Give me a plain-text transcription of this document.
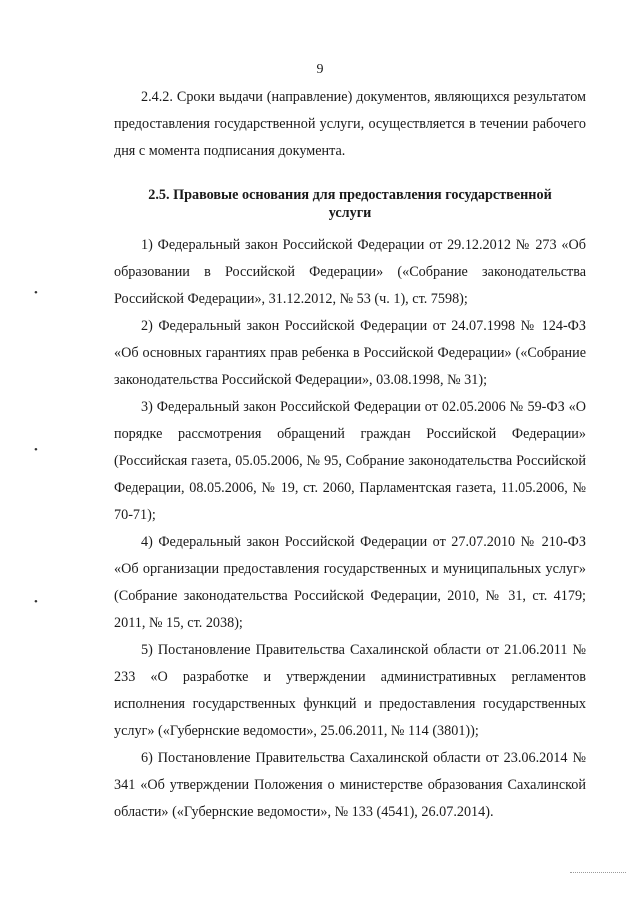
9
•
•
•

2.4.2. Сроки выдачи (направление) документов, являющихся результатом предоставления государственной услуги, осуществляется в течении рабочего дня с момента подписания документа.

2.5. Правовые основания для предоставления государственной услуги

1) Федеральный закон Российской Федерации от 29.12.2012 № 273 «Об образовании в Российской Федерации» («Собрание законодательства Российской Федерации», 31.12.2012, № 53 (ч. 1), ст. 7598);

2) Федеральный закон Российской Федерации от 24.07.1998 № 124-ФЗ «Об основных гарантиях прав ребенка в Российской Федерации» («Собрание законодательства Российской Федерации», 03.08.1998, № 31);

3) Федеральный закон Российской Федерации от 02.05.2006 № 59-ФЗ «О порядке рассмотрения обращений граждан Российской Федерации» (Российская газета, 05.05.2006, № 95, Собрание законодательства Российской Федерации, 08.05.2006, № 19, ст. 2060, Парламентская газета, 11.05.2006, № 70-71);

4) Федеральный закон Российской Федерации от 27.07.2010 № 210-ФЗ «Об организации предоставления государственных и муниципальных услуг» (Собрание законодательства Российской Федерации, 2010, № 31, ст. 4179; 2011, № 15, ст. 2038);

5) Постановление Правительства Сахалинской области от 21.06.2011 № 233 «О разработке и утверждении административных регламентов исполнения государственных функций и предоставления государственных услуг» («Губернские ведомости», 25.06.2011, № 114 (3801));

6) Постановление Правительства Сахалинской области от 23.06.2014 № 341 «Об утверждении Положения о министерстве образования Сахалинской области» («Губернские ведомости», № 133 (4541), 26.07.2014).
